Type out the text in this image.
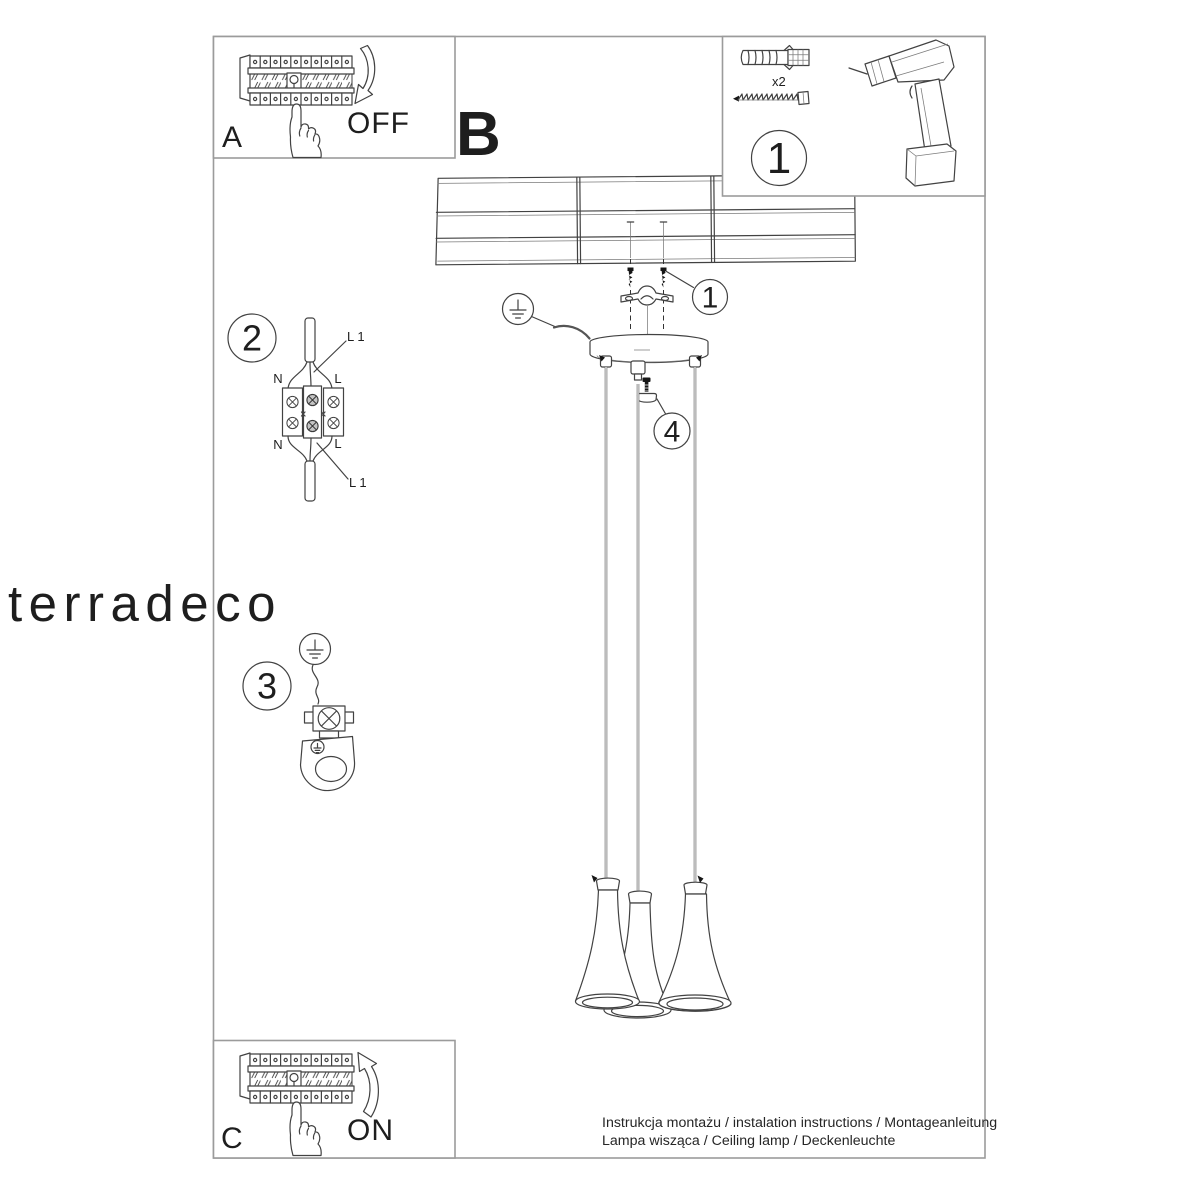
terradeco
1
4
2	L 1
N	L
N	L
L 1
3
A	OFF
x2
1
B
C	ON	Instrukcja montażu / instalation instructions / Montageanleitung
Lampa wisząca / Ceiling lamp / Deckenleuchte
